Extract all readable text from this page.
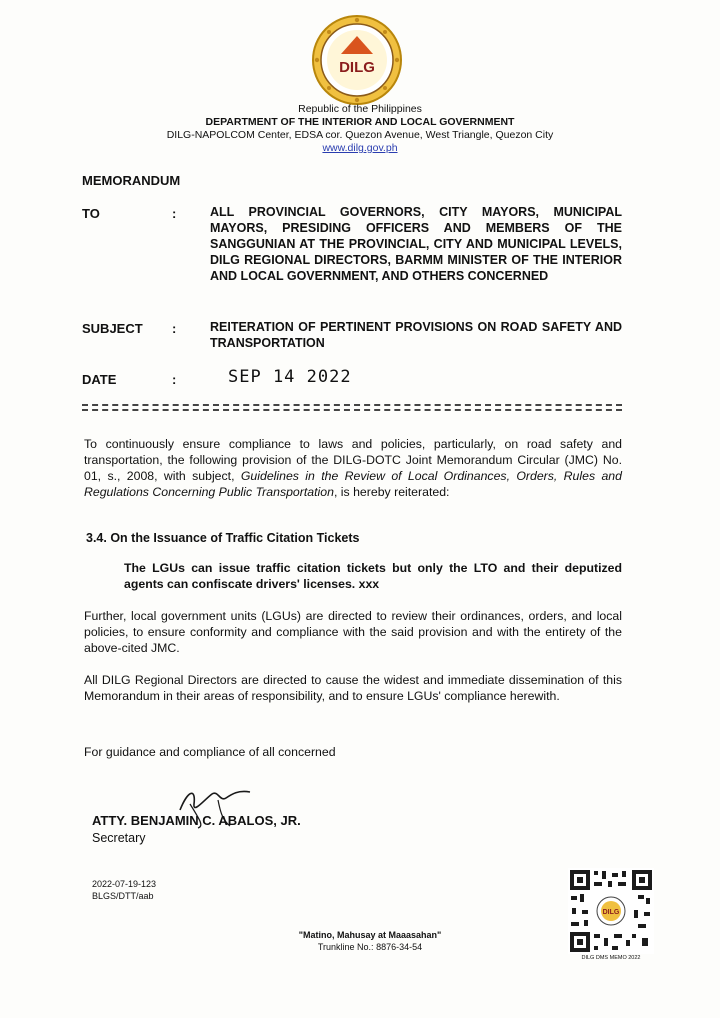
DILG
Republic of the Philippines
DEPARTMENT OF THE INTERIOR AND LOCAL GOVERNMENT
DILG-NAPOLCOM Center, EDSA cor. Quezon Avenue, West Triangle, Quezon City
www.dilg.gov.ph
MEMORANDUM
TO	:	ALL PROVINCIAL GOVERNORS, CITY MAYORS, MUNICIPAL MAYORS, PRESIDING OFFICERS AND MEMBERS OF THE SANGGUNIAN AT THE PROVINCIAL, CITY AND MUNICIPAL LEVELS, DILG REGIONAL DIRECTORS, BARMM MINISTER OF THE INTERIOR AND LOCAL GOVERNMENT, AND OTHERS CONCERNED
SUBJECT :	REITERATION OF PERTINENT PROVISIONS ON ROAD SAFETY AND TRANSPORTATION
DATE	:	SEP 14 2022
To continuously ensure compliance to laws and policies, particularly, on road safety and transportation, the following provision of the DILG-DOTC Joint Memorandum Circular (JMC) No. 01, s., 2008, with subject, Guidelines in the Review of Local Ordinances, Orders, Rules and Regulations Concerning Public Transportation, is hereby reiterated:
3.4. On the Issuance of Traffic Citation Tickets
The LGUs can issue traffic citation tickets but only the LTO and their deputized agents can confiscate drivers' licenses. xxx
Further, local government units (LGUs) are directed to review their ordinances, orders, and local policies, to ensure conformity and compliance with the said provision and with the entirety of the above-cited JMC.
All DILG Regional Directors are directed to cause the widest and immediate dissemination of this Memorandum in their areas of responsibility, and to ensure LGUs' compliance herewith.
For guidance and compliance of all concerned
ATTY. BENJAMIN C. ABALOS, JR.
Secretary
2022-07-19-123
BLGS/DTT/aab
"Matino, Mahusay at Maaasahan"
Trunkline No.: 8876-34-54
DILG
DILG DMS MEMO 2022
